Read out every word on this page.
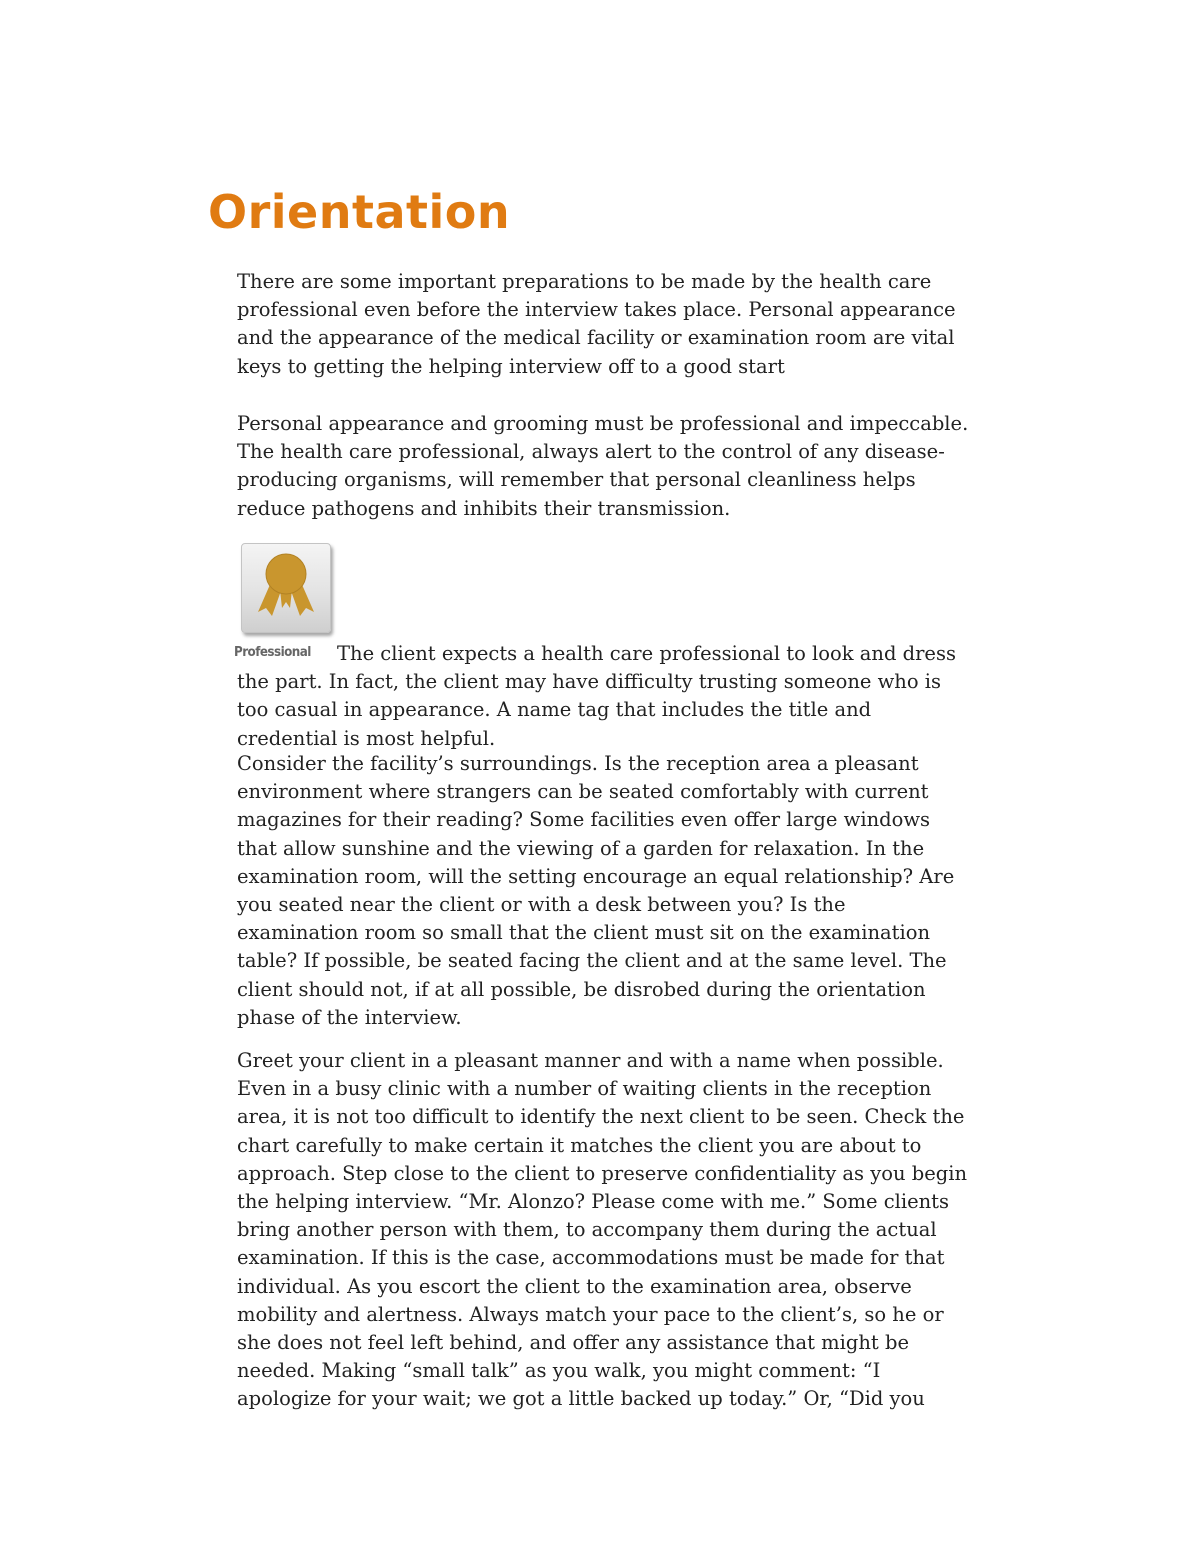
Orientation

There are some important preparations to be made by the health care professional even before the interview takes place. Personal appearance and the appearance of the medical facility or examination room are vital keys to getting the helping interview off to a good start

Personal appearance and grooming must be professional and impeccable. The health care professional, always alert to the control of any disease-producing organisms, will remember that personal cleanliness helps reduce pathogens and inhibits their transmission.

Professional	The client expects a health care professional to look and dress the part. In fact, the client may have difficulty trusting someone who is too casual in appearance. A name tag that includes the title and credential is most helpful.

Consider the facility’s surroundings. Is the reception area a pleasant environment where strangers can be seated comfortably with current magazines for their reading? Some facilities even offer large windows that allow sunshine and the viewing of a garden for relaxation. In the examination room, will the setting encourage an equal relationship? Are you seated near the client or with a desk between you? Is the examination room so small that the client must sit on the examination table? If possible, be seated facing the client and at the same level. The client should not, if at all possible, be disrobed during the orientation phase of the interview.

Greet your client in a pleasant manner and with a name when possible. Even in a busy clinic with a number of waiting clients in the reception area, it is not too difficult to identify the next client to be seen. Check the chart carefully to make certain it matches the client you are about to approach. Step close to the client to preserve confidentiality as you begin the helping interview. “Mr. Alonzo? Please come with me.” Some clients bring another person with them, to accompany them during the actual examination. If this is the case, accommodations must be made for that individual. As you escort the client to the examination area, observe mobility and alertness. Always match your pace to the client’s, so he or she does not feel left behind, and offer any assistance that might be needed. Making “small talk” as you walk, you might comment: “I apologize for your wait; we got a little backed up today.” Or, “Did you
